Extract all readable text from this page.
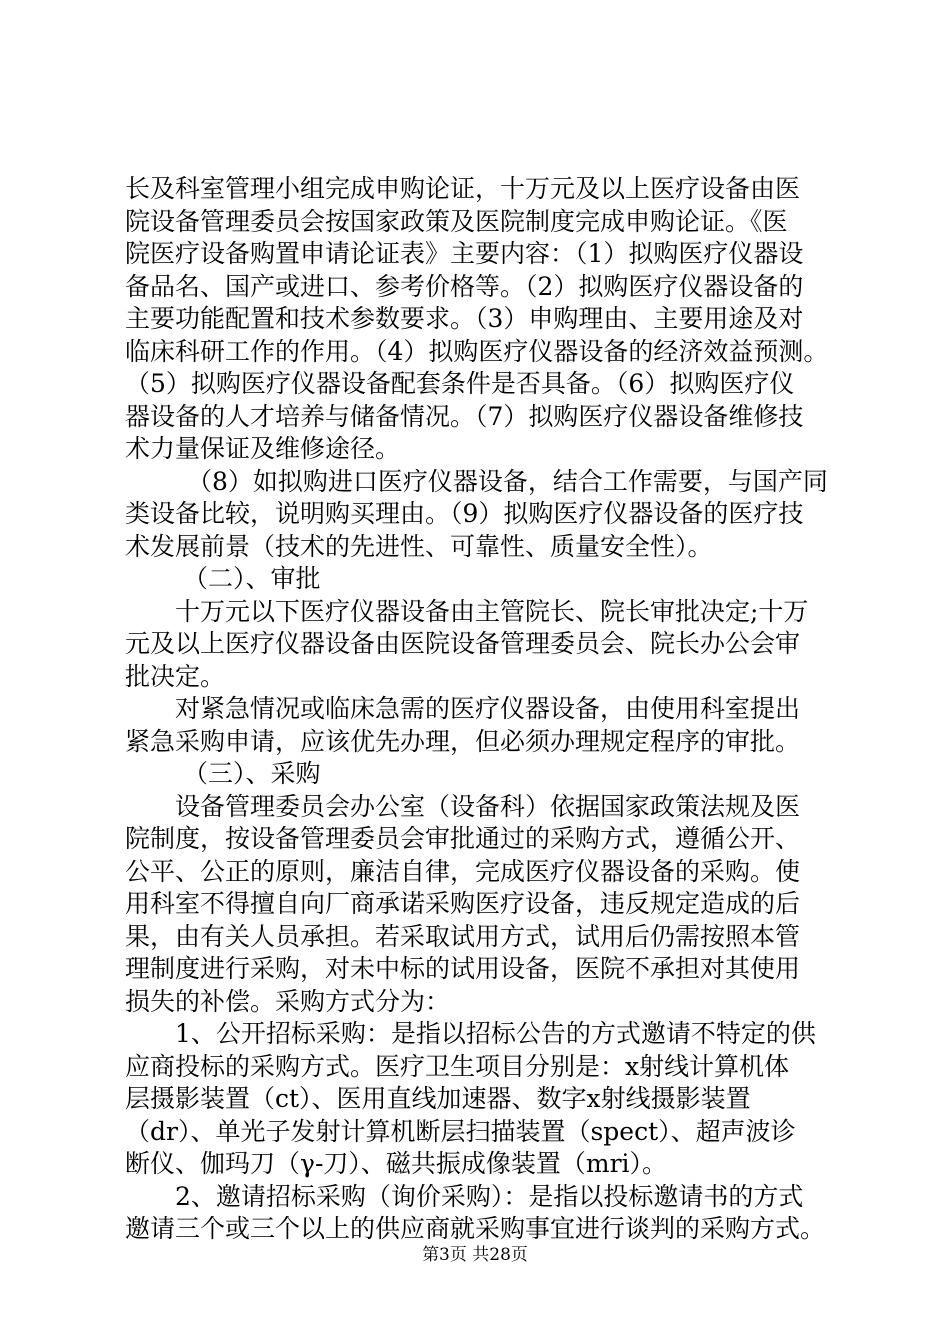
长及科室管理小组完成申购论证，十万元及以上医疗设备由医
院设备管理委员会按国家政策及医院制度完成申购论证。《医
院医疗设备购置申请论证表》主要内容：（1）拟购医疗仪器设
备品名、国产或进口、参考价格等。（2）拟购医疗仪器设备的
主要功能配置和技术参数要求。（3）申购理由、主要用途及对
临床科研工作的作用。（4）拟购医疗仪器设备的经济效益预测。
（5）拟购医疗仪器设备配套条件是否具备。（6）拟购医疗仪
器设备的人才培养与储备情况。（7）拟购医疗仪器设备维修技
术力量保证及维修途径。
（8）如拟购进口医疗仪器设备，结合工作需要，与国产同
类设备比较，说明购买理由。（9）拟购医疗仪器设备的医疗技
术发展前景（技术的先进性、可靠性、质量安全性）。
（二）、审批
十万元以下医疗仪器设备由主管院长、院长审批决定;十万
元及以上医疗仪器设备由医院设备管理委员会、院长办公会审
批决定。
对紧急情况或临床急需的医疗仪器设备，由使用科室提出
紧急采购申请，应该优先办理，但必须办理规定程序的审批。
（三）、采购
设备管理委员会办公室（设备科）依据国家政策法规及医
院制度，按设备管理委员会审批通过的采购方式，遵循公开、
公平、公正的原则，廉洁自律，完成医疗仪器设备的采购。使
用科室不得擅自向厂商承诺采购医疗设备，违反规定造成的后
果，由有关人员承担。若采取试用方式，试用后仍需按照本管
理制度进行采购，对未中标的试用设备，医院不承担对其使用
损失的补偿。采购方式分为：
1、公开招标采购：是指以招标公告的方式邀请不特定的供
应商投标的采购方式。医疗卫生项目分别是：x射线计算机体
层摄影装置（ct）、医用直线加速器、数字x射线摄影装置
（dr）、单光子发射计算机断层扫描装置（spect）、超声波诊
断仪、伽玛刀（γ-刀）、磁共振成像装置（mri）。
2、邀请招标采购（询价采购）：是指以投标邀请书的方式
邀请三个或三个以上的供应商就采购事宜进行谈判的采购方式。
第3页 共28页
